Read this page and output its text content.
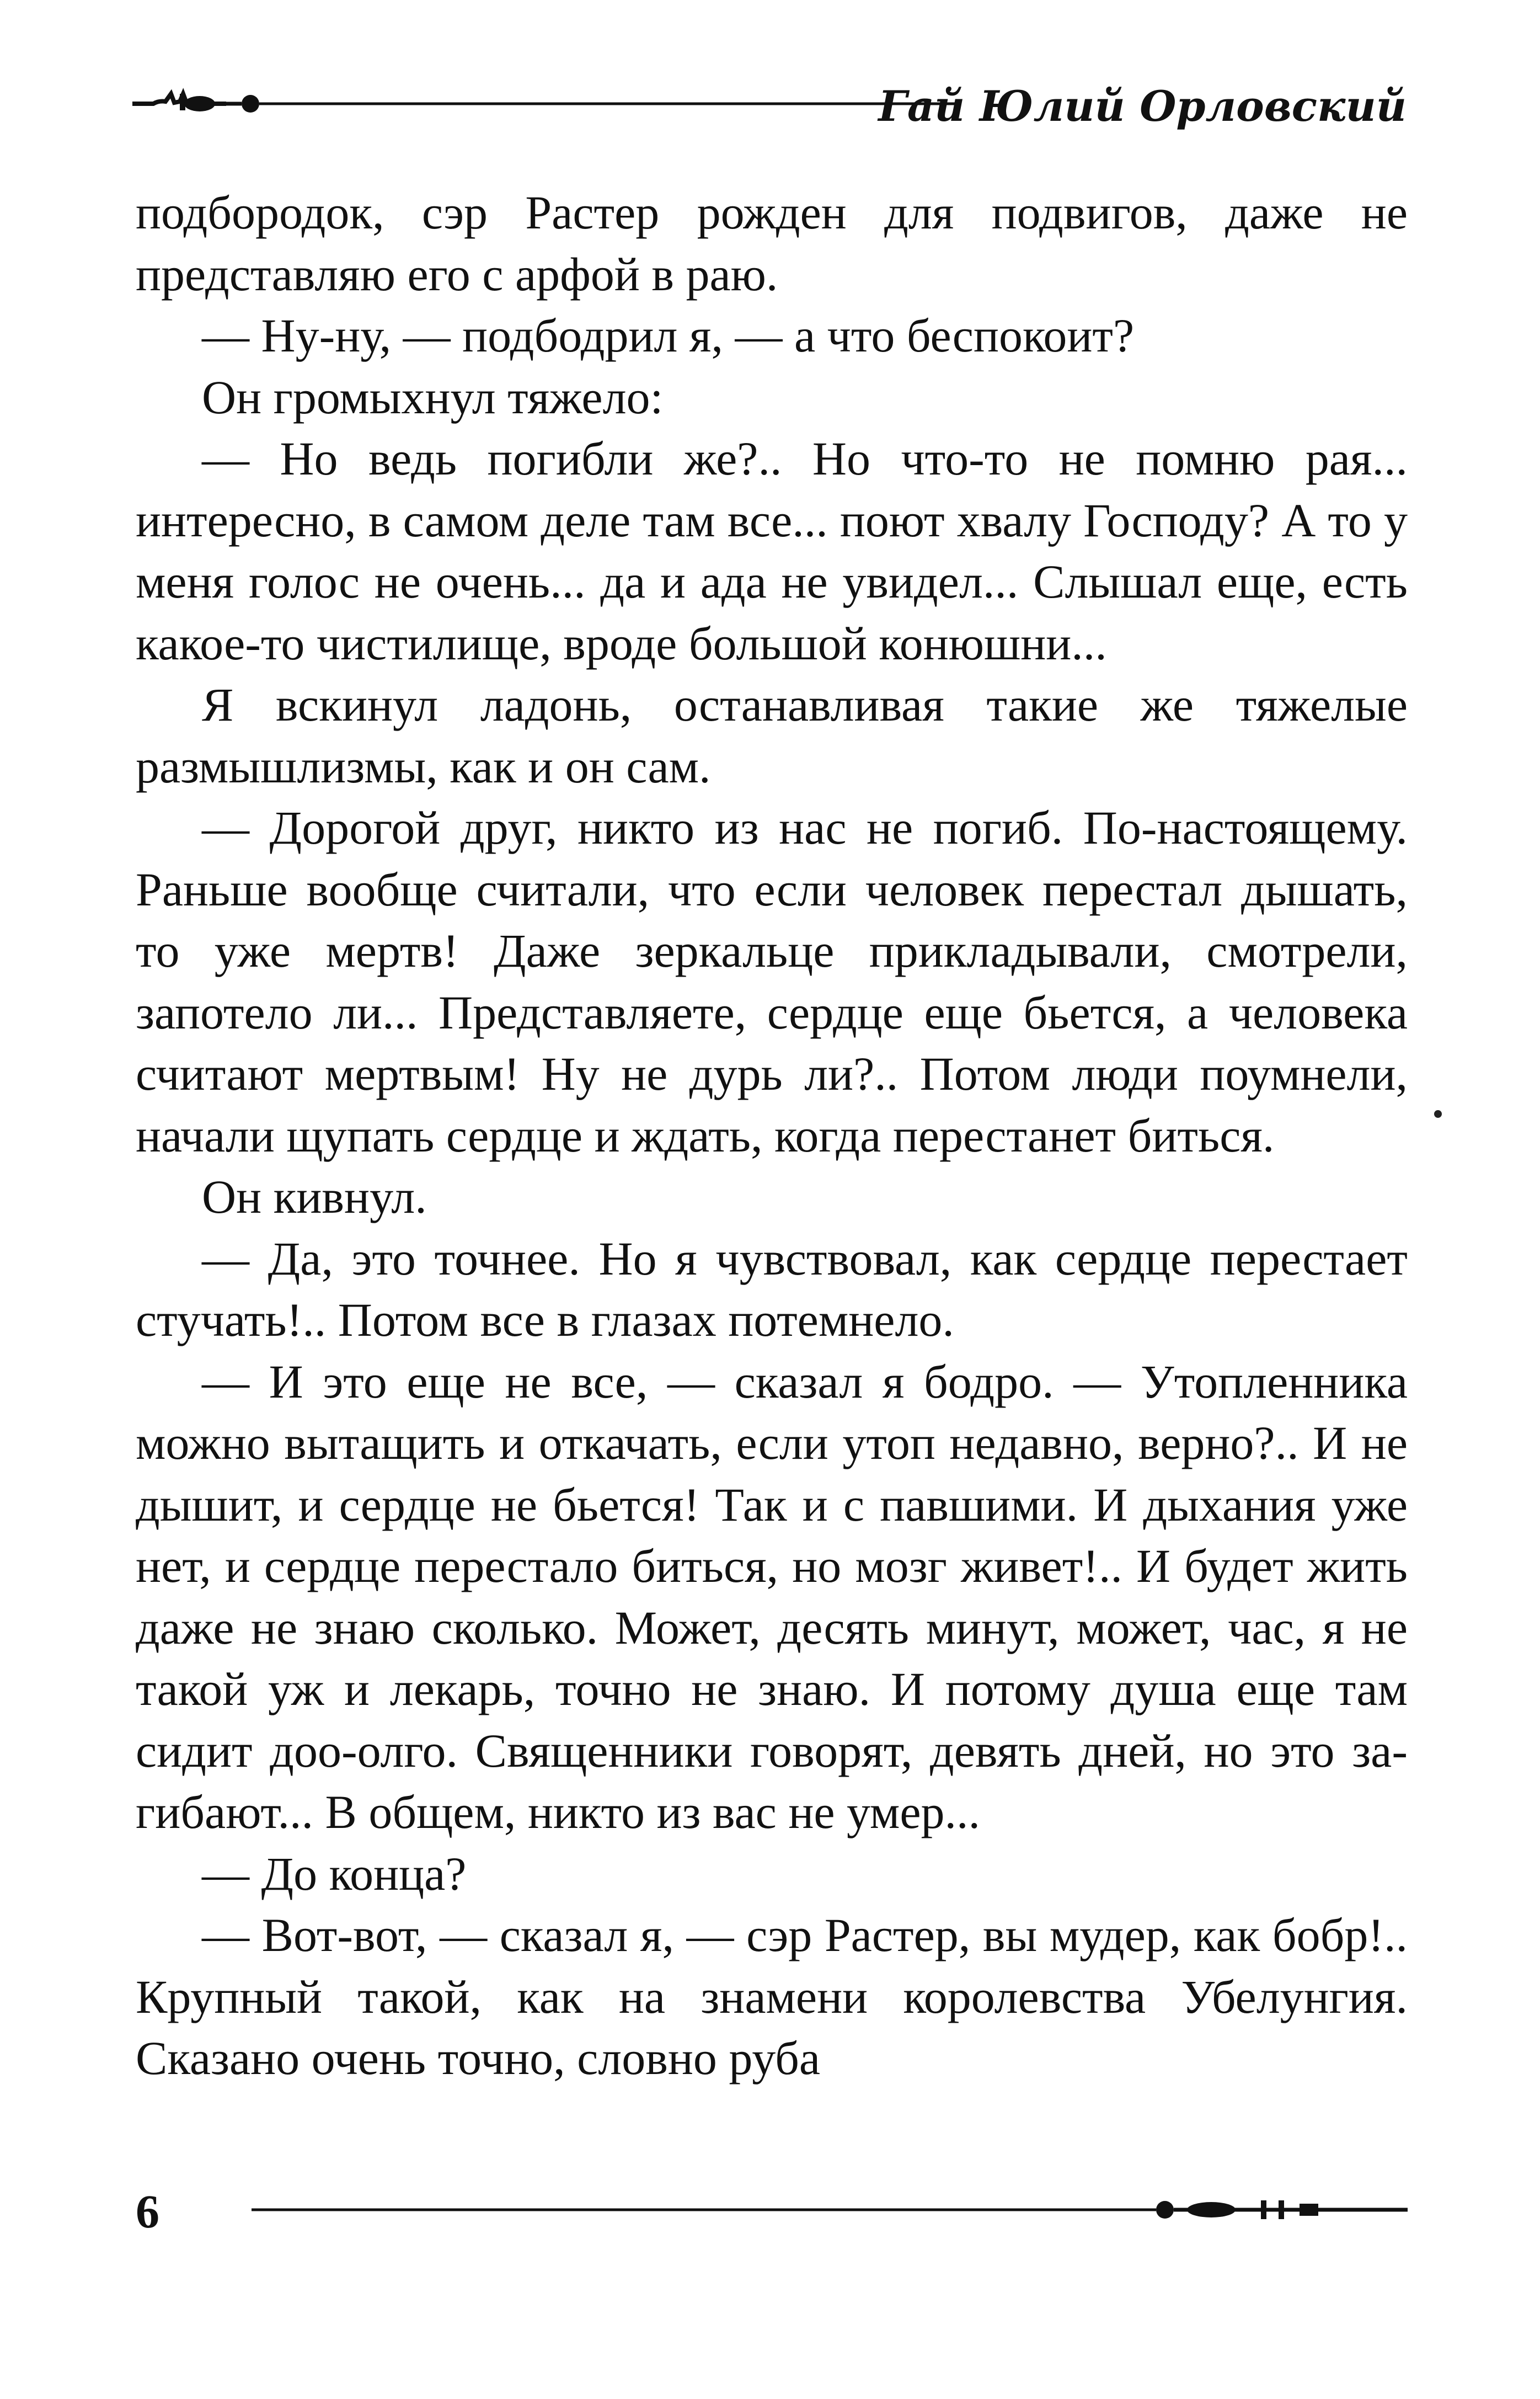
Гай Юлий Орловский

подбородок, сэр Растер рожден для подвигов, даже не представляю его с арфой в раю.

— Ну-ну, — подбодрил я, — а что беспокоит?

Он громыхнул тяжело:

— Но ведь погибли же?.. Но что-то не помню рая... интересно, в самом деле там все... поют хвалу Господу? А то у меня голос не очень... да и ада не увидел... Слышал еще, есть какое-то чистилище, вроде большой конюшни...

Я вскинул ладонь, останавливая такие же тяжелые размышлизмы, как и он сам.

— Дорогой друг, никто из нас не погиб. По-настоящему. Раньше вообще считали, что если человек перестал дышать, то уже мертв! Даже зеркальце прикладывали, смотрели, запотело ли... Представляете, сердце еще бьется, а человека считают мертвым! Ну не дурь ли?.. Потом люди поумнели, начали щупать сердце и ждать, когда перестанет биться.

Он кивнул.

— Да, это точнее. Но я чувствовал, как сердце перестает стучать!.. Потом все в глазах потемнело.

— И это еще не все, — сказал я бодро. — Утопленника можно вытащить и откачать, если утоп недавно, верно?.. И не дышит, и сердце не бьется! Так и с павшими. И дыхания уже нет, и сердце перестало биться, но мозг живет!.. И будет жить даже не знаю сколько. Может, десять минут, может, час, я не такой уж и лекарь, точно не знаю. И потому душа еще там сидит доо-олго. Священники говорят, девять дней, но это загибают... В общем, никто из вас не умер...

— До конца?

— Вот-вот, — сказал я, — сэр Растер, вы мудер, как бобр!.. Крупный такой, как на знамени королевства Убелунгия. Сказано очень точно, словно руба

6
